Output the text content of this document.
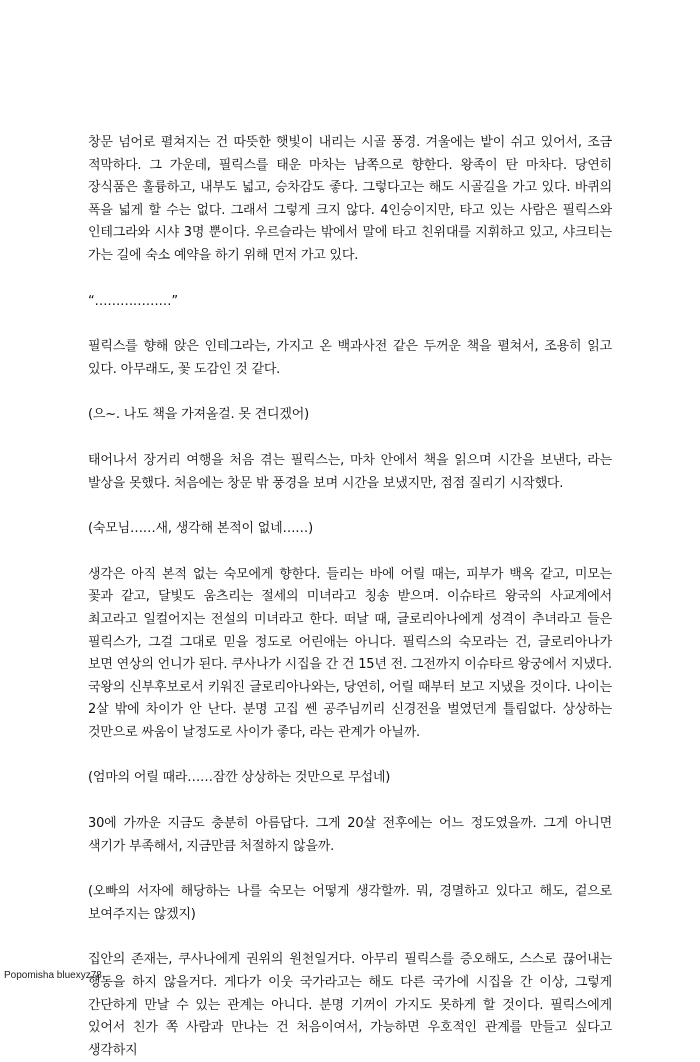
창문 넘어로 펼쳐지는 건 따뜻한 햇빛이 내리는 시골 풍경. 겨울에는 밭이 쉬고 있어서, 조금 적막하다. 그 가운데, 필릭스를 태운 마차는 남쪽으로 향한다. 왕족이 탄 마차다. 당연히 장식품은 훌륭하고, 내부도 넓고, 승차감도 좋다. 그렇다고는 해도 시골길을 가고 있다. 바퀴의 폭을 넓게 할 수는 없다. 그래서 그렇게 크지 않다. 4인승이지만, 타고 있는 사람은 필릭스와 인테그라와 시샤 3명 뿐이다. 우르슬라는 밖에서 말에 타고 친위대를 지휘하고 있고, 샤크티는 가는 길에 숙소 예약을 하기 위해 먼저 가고 있다.

“………………”

필릭스를 향해 앉은 인테그라는, 가지고 온 백과사전 같은 두꺼운 책을 펼쳐서, 조용히 읽고 있다. 아무래도, 꽃 도감인 것 같다.

(으~. 나도 책을 가져올걸. 못 견디겠어)

태어나서 장거리 여행을 처음 겪는 필릭스는, 마차 안에서 책을 읽으며 시간을 보낸다, 라는 발상을 못했다. 처음에는 창문 밖 풍경을 보며 시간을 보냈지만, 점점 질리기 시작했다.

(숙모님……새, 생각해 본적이 없네……)

생각은 아직 본적 없는 숙모에게 향한다. 들리는 바에 어릴 때는, 피부가 백옥 같고, 미모는 꽃과 같고, 달빛도 움츠리는 절세의 미녀라고 칭송 받으며. 이슈타르 왕국의 사교계에서 최고라고 일컬어지는 전설의 미녀라고 한다. 떠날 때, 글로리아나에게 성격이 추녀라고 들은 필릭스가, 그걸 그대로 믿을 정도로 어린애는 아니다. 필릭스의 숙모라는 건, 글로리아나가 보면 연상의 언니가 된다. 쿠사나가 시집을 간 건 15년 전. 그전까지 이슈타르 왕궁에서 지냈다. 국왕의 신부후보로서 키워진 글로리아나와는, 당연히, 어릴 때부터 보고 지냈을 것이다. 나이는 2살 밖에 차이가 안 난다. 분명 고집 쎈 공주님끼리 신경전을 벌였던게 틀림없다. 상상하는 것만으로 싸움이 날정도로 사이가 좋다, 라는 관계가 아닐까.

(엄마의 어릴 때라……잠깐 상상하는 것만으로 무섭네)

30에 가까운 지금도 충분히 아름답다. 그게 20살 전후에는 어느 정도였을까. 그게 아니면 색기가 부족해서, 지금만큼 처절하지 않을까.

(오빠의 서자에 해당하는 나를 숙모는 어떻게 생각할까. 뭐, 경멸하고 있다고 해도, 겉으로 보여주지는 않겠지)

집안의 존재는, 쿠사나에게 권위의 원천일거다. 아무리 필릭스를 증오해도, 스스로 끊어내는 행동을 하지 않을거다. 게다가 이웃 국가라고는 해도 다른 국가에 시집을 간 이상, 그렇게 간단하게 만날 수 있는 관계는 아니다. 분명 기꺼이 가지도 못하게 할 것이다. 필릭스에게 있어서 친가 쪽 사람과 만나는 건 처음이여서, 가능하면 우호적인 관계를 만들고 싶다고 생각하지

Popomisha bluexyz78
